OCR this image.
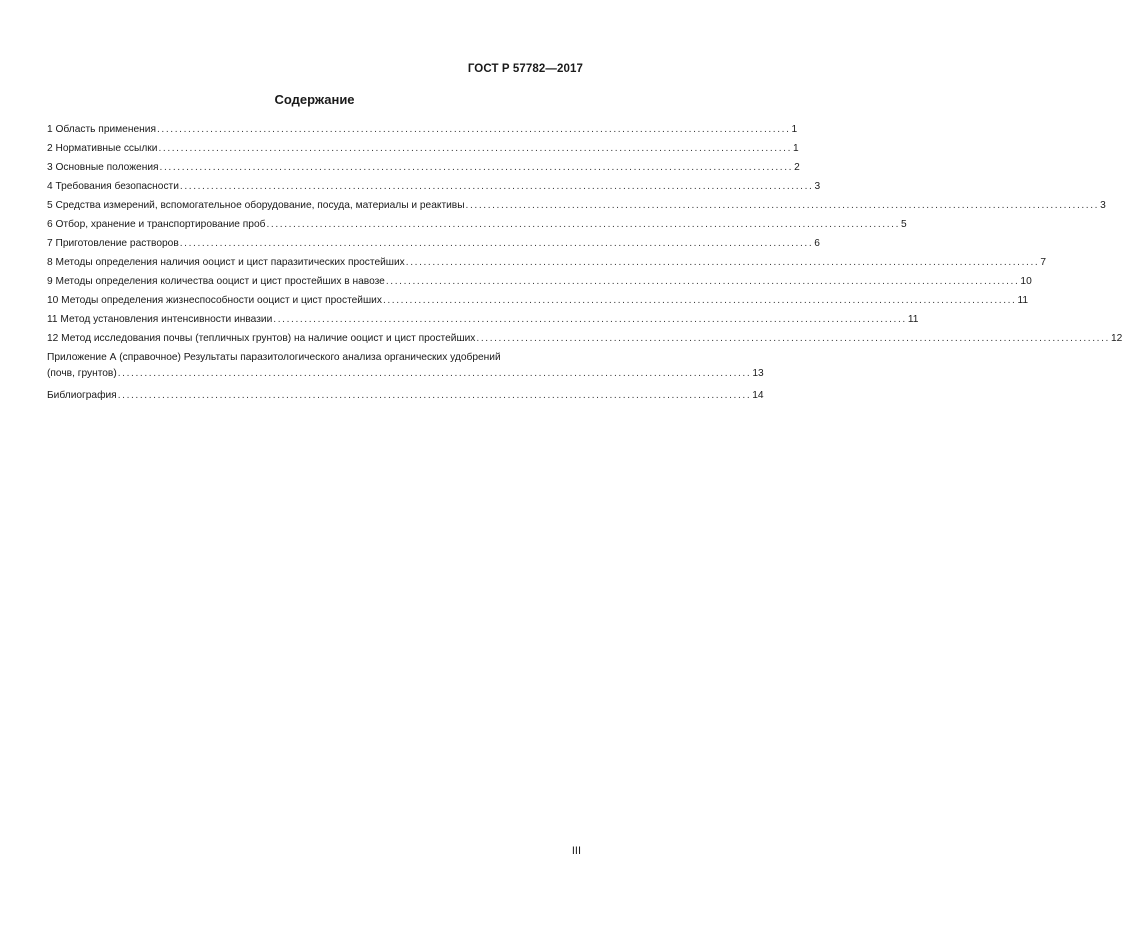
ГОСТ Р 57782—2017
Содержание
1 Область применения ............................................................................................................................................... 1
2 Нормативные ссылки ............................................................................................................................................... 1
3 Основные положения ............................................................................................................................................... 2
4 Требования безопасности ............................................................................................................................................... 3
5 Средства измерений, вспомогательное оборудование, посуда, материалы и реактивы ............................................................................................................................................... 3
6 Отбор, хранение и транспортирование проб ............................................................................................................................................... 5
7 Приготовление растворов ............................................................................................................................................... 6
8 Методы определения наличия ооцист и цист паразитических простейших ............................................................................................................................................... 7
9 Методы определения количества ооцист и цист простейших в навозе ............................................................................................................................................... 10
10 Методы определения жизнеспособности ооцист и цист простейших ............................................................................................................................................... 11
11 Метод установления интенсивности инвазии ............................................................................................................................................... 11
12 Метод исследования почвы (тепличных грунтов) на наличие ооцист и цист простейших ............................................................................................................................................... 12
Приложение А (справочное) Результаты паразитологического анализа органических удобрений
(почв, грунтов) ............................................................................................................................................... 13
Библиография ............................................................................................................................................... 14
III
